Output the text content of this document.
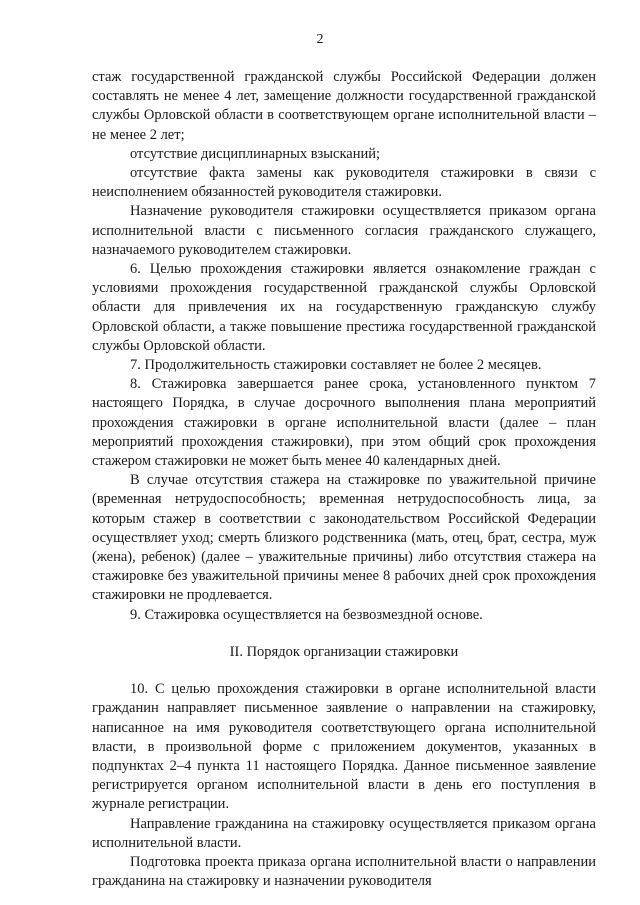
2

стаж государственной гражданской службы Российской Федерации должен составлять не менее 4 лет, замещение должности государственной гражданской службы Орловской области в соответствующем органе исполнительной власти – не менее 2 лет;

отсутствие дисциплинарных взысканий;

отсутствие факта замены как руководителя стажировки в связи с неисполнением обязанностей руководителя стажировки.

Назначение руководителя стажировки осуществляется приказом органа исполнительной власти с письменного согласия гражданского служащего, назначаемого руководителем стажировки.

6. Целью прохождения стажировки является ознакомление граждан с условиями прохождения государственной гражданской службы Орловской области для привлечения их на государственную гражданскую службу Орловской области, а также повышение престижа государственной гражданской службы Орловской области.

7. Продолжительность стажировки составляет не более 2 месяцев.

8. Стажировка завершается ранее срока, установленного пунктом 7 настоящего Порядка, в случае досрочного выполнения плана мероприятий прохождения стажировки в органе исполнительной власти (далее – план мероприятий прохождения стажировки), при этом общий срок прохождения стажером стажировки не может быть менее 40 календарных дней.

В случае отсутствия стажера на стажировке по уважительной причине (временная нетрудоспособность; временная нетрудоспособность лица, за которым стажер в соответствии с законодательством Российской Федерации осуществляет уход; смерть близкого родственника (мать, отец, брат, сестра, муж (жена), ребенок) (далее – уважительные причины) либо отсутствия стажера на стажировке без уважительной причины менее 8 рабочих дней срок прохождения стажировки не продлевается.

9. Стажировка осуществляется на безвозмездной основе.

II. Порядок организации стажировки

10. С целью прохождения стажировки в органе исполнительной власти гражданин направляет письменное заявление о направлении на стажировку, написанное на имя руководителя соответствующего органа исполнительной власти, в произвольной форме с приложением документов, указанных в подпунктах 2–4 пункта 11 настоящего Порядка. Данное письменное заявление регистрируется органом исполнительной власти в день его поступления в журнале регистрации.

Направление гражданина на стажировку осуществляется приказом органа исполнительной власти.

Подготовка проекта приказа органа исполнительной власти о направлении гражданина на стажировку и назначении руководителя
